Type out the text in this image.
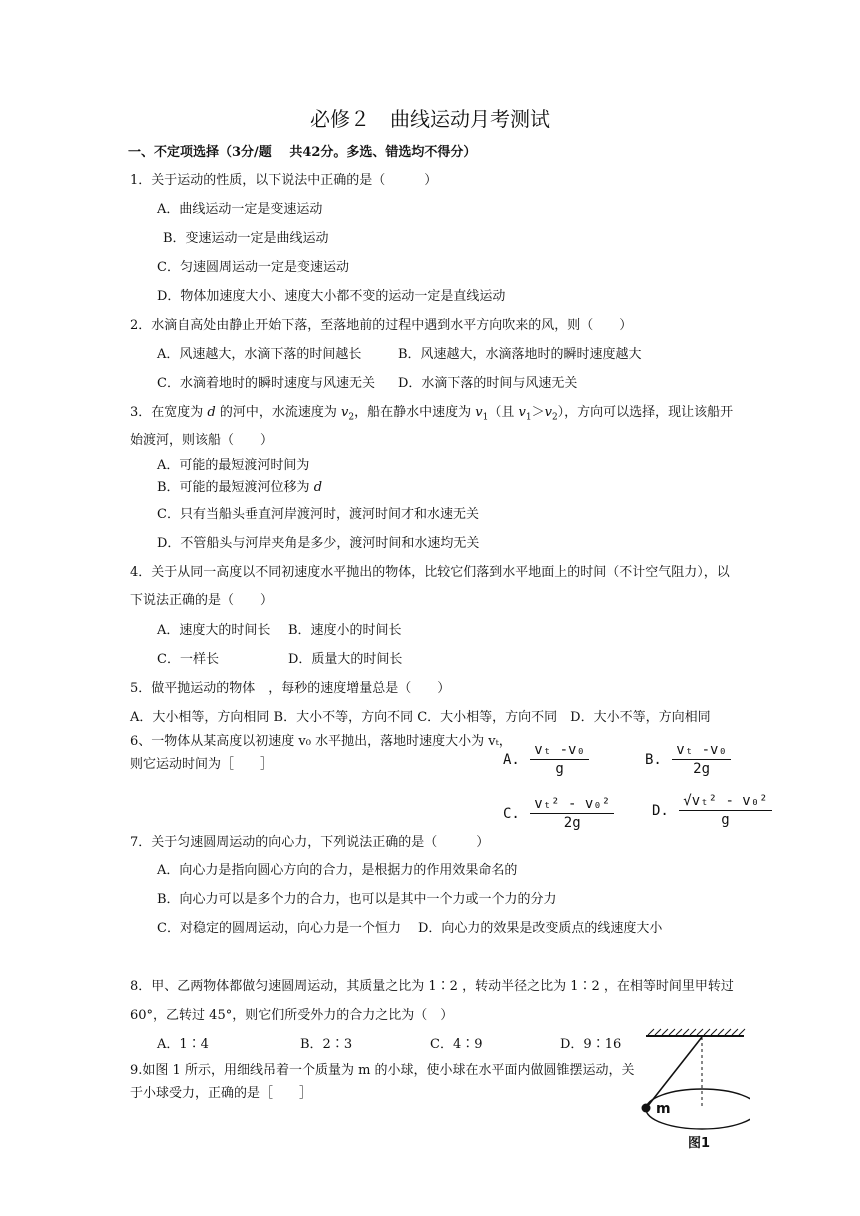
必修２　曲线运动月考测试
一、不定项选择（3分/题　 共42分。多选、错选均不得分）
1．关于运动的性质，以下说法中正确的是（　　　）
A．曲线运动一定是变速运动
B．变速运动一定是曲线运动
C．匀速圆周运动一定是变速运动
D．物体加速度大小、速度大小都不变的运动一定是直线运动
2．水滴自高处由静止开始下落，至落地前的过程中遇到水平方向吹来的风，则（　　）
A．风速越大，水滴下落的时间越长	B．风速越大，水滴落地时的瞬时速度越大
C．水滴着地时的瞬时速度与风速无关 D．水滴下落的时间与风速无关
3．在宽度为 d 的河中，水流速度为 $v_2$，船在静水中速度为 $v_1$（且 $v_1>v_2$），方向可以选择，现让该船开
始渡河，则该船（　　）
A．可能的最短渡河时间为
B．可能的最短渡河位移为 d
C．只有当船头垂直河岸渡河时，渡河时间才和水速无关
D．不管船头与河岸夹角是多少，渡河时间和水速均无关
4．关于从同一高度以不同初速度水平抛出的物体，比较它们落到水平地面上的时间（不计空气阻力），以
下说法正确的是（　　）
A．速度大的时间长 B．速度小的时间长
C．一样长	D．质量大的时间长
5．做平抛运动的物体　，每秒的速度增量总是（　　）
A．大小相等，方向相同 B．大小不等，方向不同 C．大小相等，方向不同　D．大小不等，方向相同
6、一物体从某高度以初速度 v₀ 水平抛出，落地时速度大小为 vₜ，
则它运动时间为［　　］	A. $\frac{\text{vₜ -v₀}}{g}$	B. $\frac{\text{vₜ -v₀}}{2g}$
C. $\frac{\text{vₜ² - v₀²}}{2g}$	D. $\frac{\text{√vₜ² - v₀²}}{g}$
7．关于匀速圆周运动的向心力，下列说法正确的是（　　　）
A．向心力是指向圆心方向的合力，是根据力的作用效果命名的
B．向心力可以是多个力的合力，也可以是其中一个力或一个力的分力
C．对稳定的圆周运动，向心力是一个恒力 D．向心力的效果是改变质点的线速度大小
8．甲、乙两物体都做匀速圆周运动，其质量之比为 1∶2 ，转动半径之比为 1∶2 ，在相等时间里甲转过
60°，乙转过 45°，则它们所受外力的合力之比为（　）
A．1∶4	B．2∶3	C．4∶9	D．9∶16
9.如图 1 所示，用细线吊着一个质量为 m 的小球，使小球在水平面内做圆锥摆运动，关
于小球受力，正确的是［　　］
m
图1
